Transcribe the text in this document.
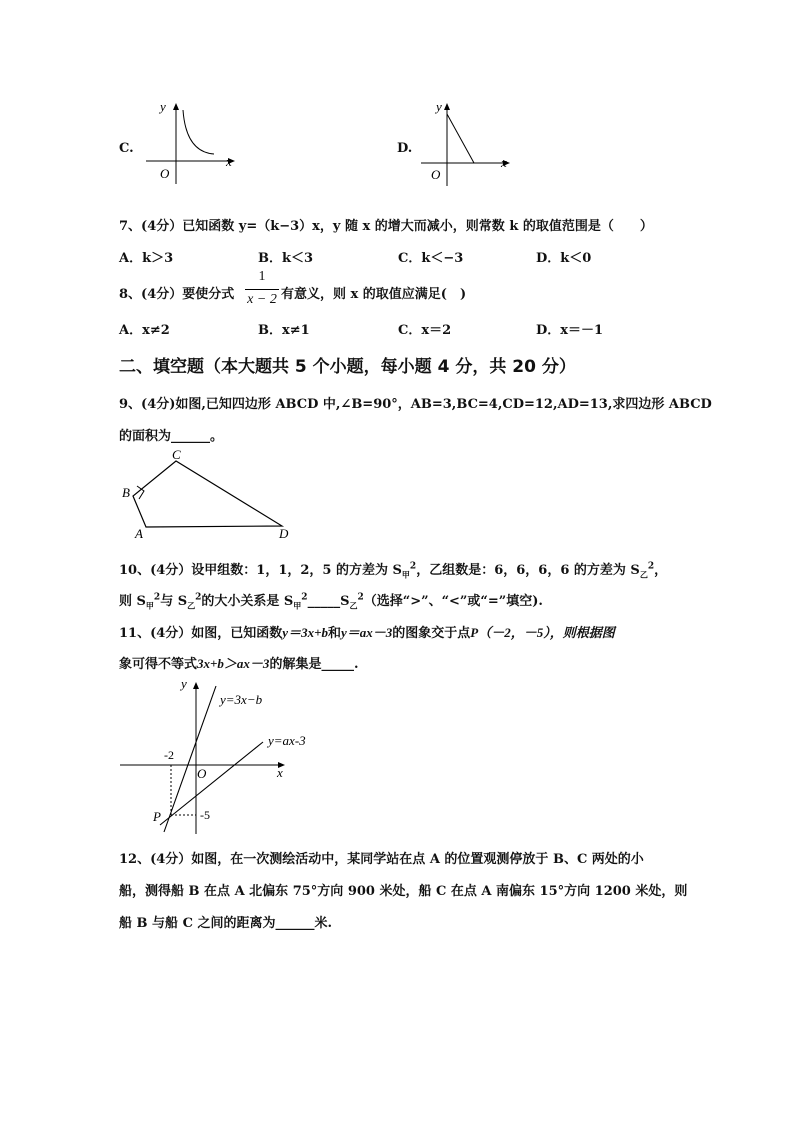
C.
y
x
O
D.
y
x
O
7、(4分）已知函数 y=（k−3）x，y 随 x 的增大而减小，则常数 k 的取值范围是（　　）
A．k＞3	B．k＜3	C．k＜−3	D．k＜0
8、(4分）要使分式
1
x − 2 有意义，则 x 的取值应满足(　)
A．x≠2	B．x≠1	C．x＝2	D．x＝－1
二、填空题（本大题共 5 个小题，每小题 4 分，共 20 分）
9、(4分)如图,已知四边形 ABCD 中,∠B=90°，AB=3,BC=4,CD=12,AD=13,求四边形 ABCD
的面积为______。
C
B
A	D
10、(4分）设甲组数：1，1，2，5 的方差为 $S_甲^2$，乙组数是：6，6，6，6 的方差为 $S_乙^2$，
则 $S_甲^2$与 $S_乙^2$的大小关系是 $S_甲^2\_\_\_\_\_S_乙^2$（选择“>”、“<”或“=”填空).
11、(4分）如图，已知函数y＝3x+b和y＝ax－3的图象交于点P（－2，－5），则根据图
象可得不等式3x+b＞ax－3的解集是_____.
y=3x−b
y=ax-3
y
x
O
-2
-5
P
12、(4分）如图，在一次测绘活动中，某同学站在点 A 的位置观测停放于 B、C 两处的小
船，测得船 B 在点 A 北偏东 75°方向 900 米处，船 C 在点 A 南偏东 15°方向 1200 米处，则
船 B 与船 C 之间的距离为______米.
